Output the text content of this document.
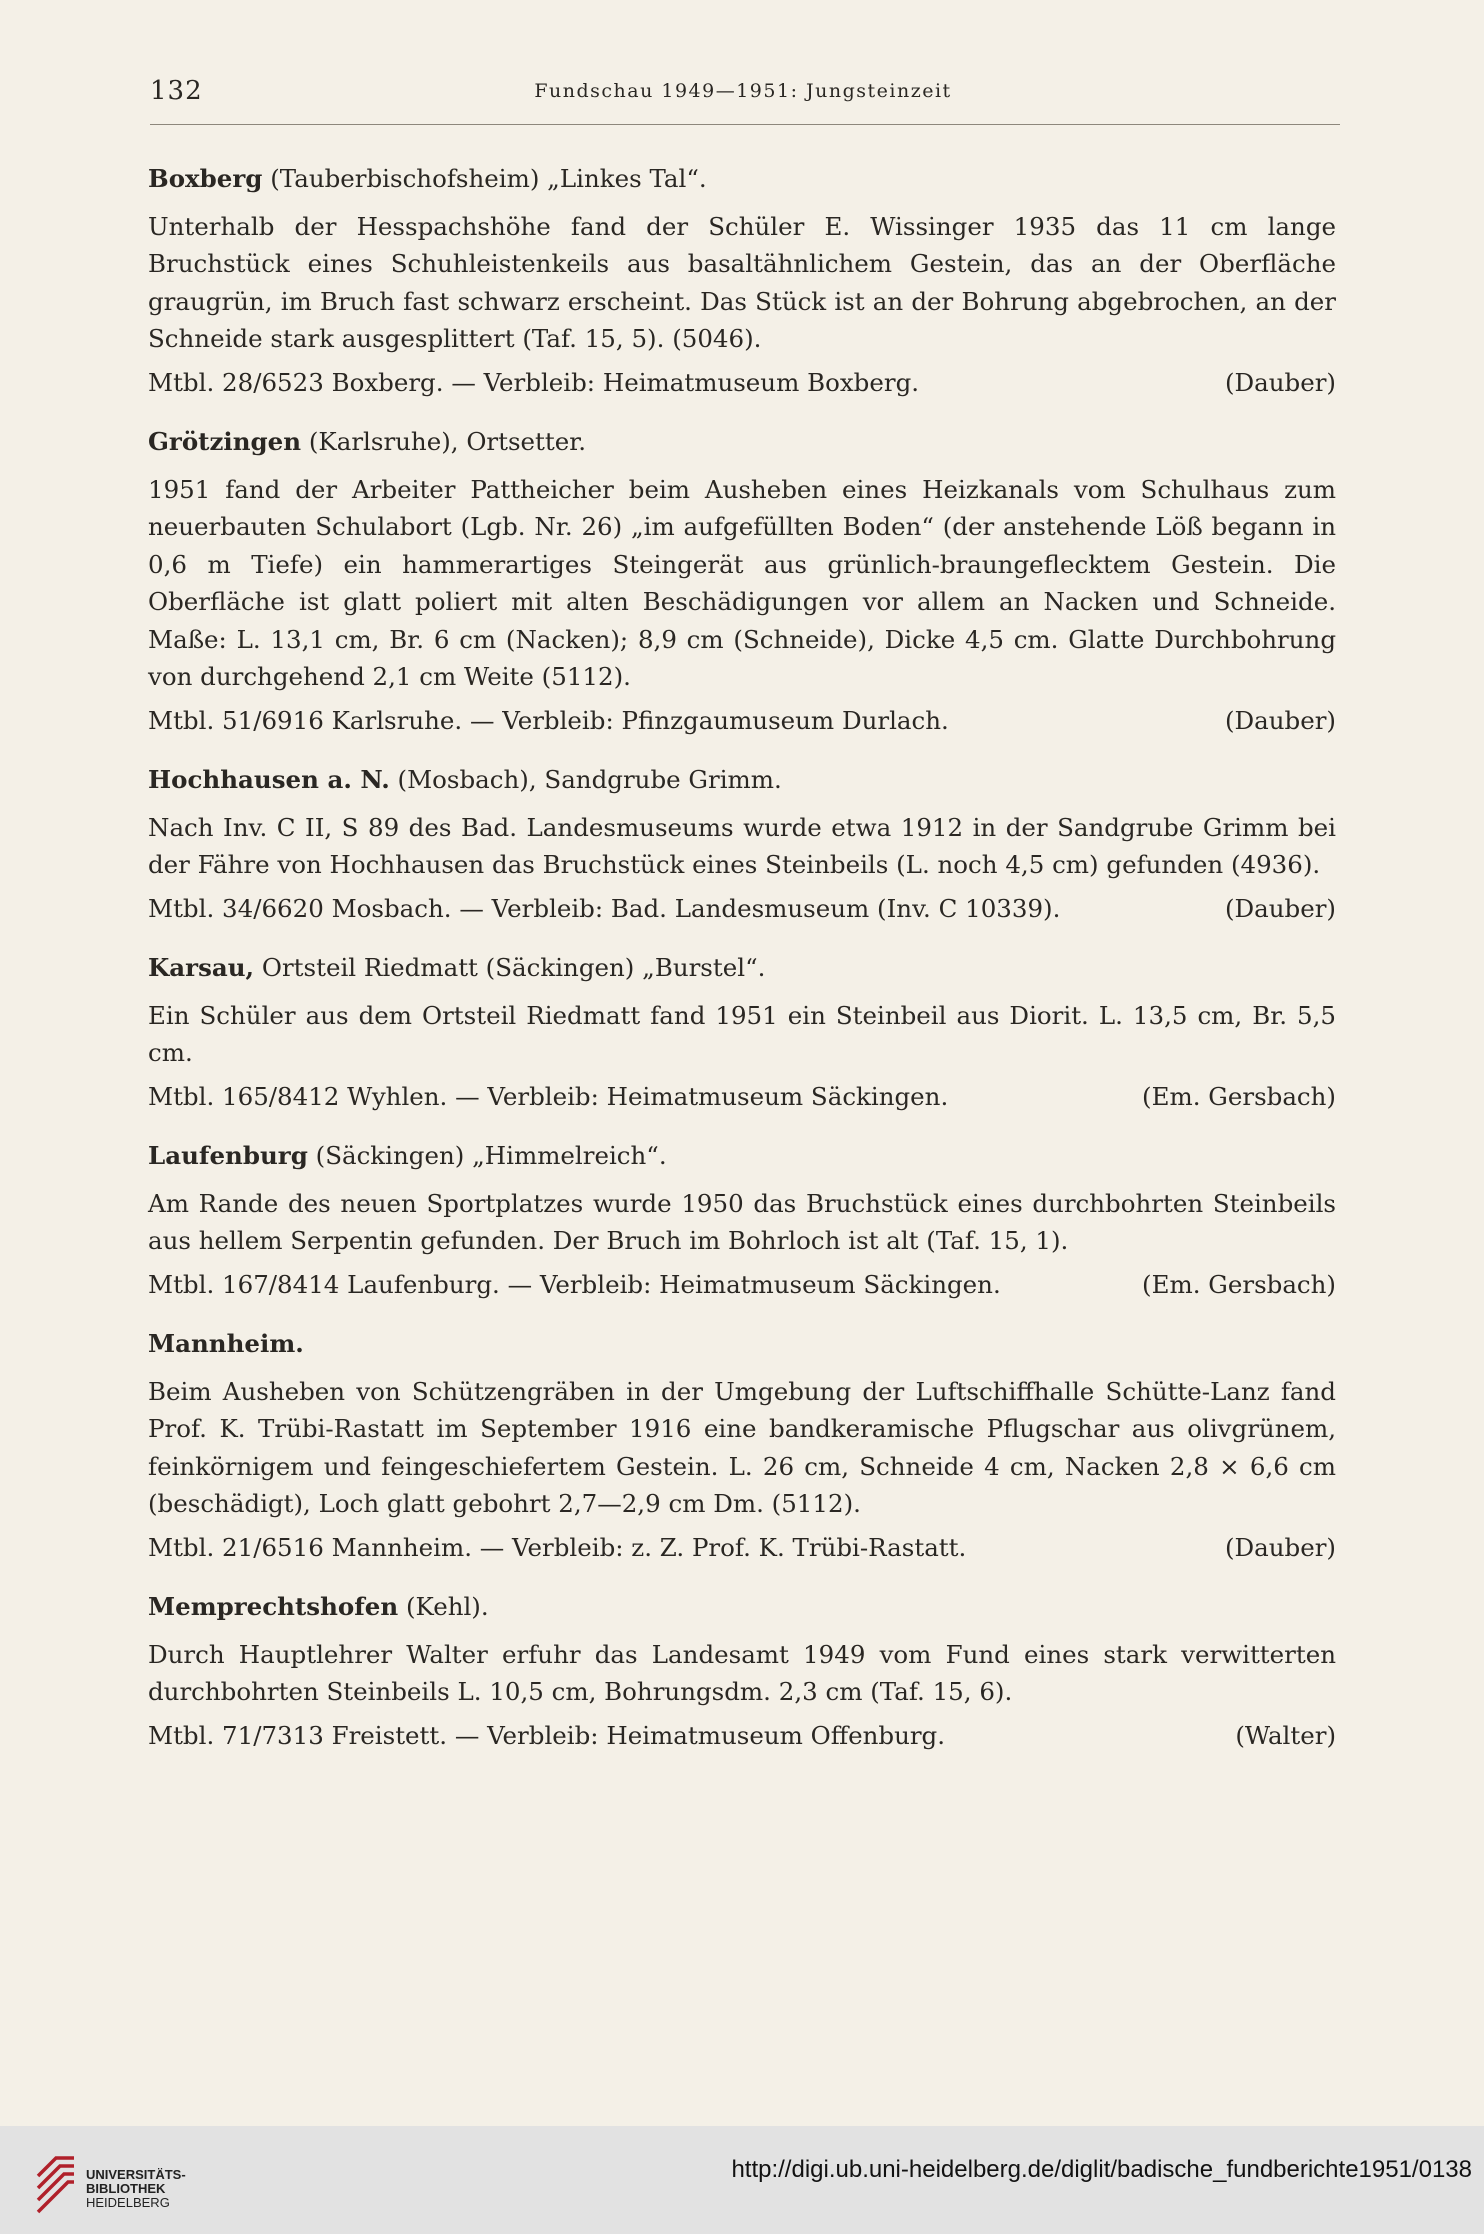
132	Fundschau 1949—1951: Jungsteinzeit

Boxberg (Tauberbischofsheim) „Linkes Tal“.

Unterhalb der Hesspachshöhe fand der Schüler E. Wissinger 1935 das 11 cm lange Bruchstück eines Schuhleistenkeils aus basaltähnlichem Gestein, das an der Oberfläche graugrün, im Bruch fast schwarz erscheint. Das Stück ist an der Bohrung abgebrochen, an der Schneide stark ausgesplittert (Taf. 15, 5). (5046).

Mtbl. 28/6523 Boxberg. — Verbleib: Heimatmuseum Boxberg.	(Dauber)

Grötzingen (Karlsruhe), Ortsetter.

1951 fand der Arbeiter Pattheicher beim Ausheben eines Heizkanals vom Schulhaus zum neuerbauten Schulabort (Lgb. Nr. 26) „im aufgefüllten Boden“ (der anstehende Löß begann in 0,6 m Tiefe) ein hammerartiges Steingerät aus grünlich-braungeflecktem Gestein. Die Oberfläche ist glatt poliert mit alten Beschädigungen vor allem an Nacken und Schneide. Maße: L. 13,1 cm, Br. 6 cm (Nacken); 8,9 cm (Schneide), Dicke 4,5 cm. Glatte Durchbohrung von durchgehend 2,1 cm Weite (5112).

Mtbl. 51/6916 Karlsruhe. — Verbleib: Pfinzgaumuseum Durlach.	(Dauber)

Hochhausen a. N. (Mosbach), Sandgrube Grimm.

Nach Inv. C II, S 89 des Bad. Landesmuseums wurde etwa 1912 in der Sandgrube Grimm bei der Fähre von Hochhausen das Bruchstück eines Steinbeils (L. noch 4,5 cm) gefunden (4936).

Mtbl. 34/6620 Mosbach. — Verbleib: Bad. Landesmuseum (Inv. C 10339).	(Dauber)

Karsau, Ortsteil Riedmatt (Säckingen) „Burstel“.

Ein Schüler aus dem Ortsteil Riedmatt fand 1951 ein Steinbeil aus Diorit. L. 13,5 cm, Br. 5,5 cm.

Mtbl. 165/8412 Wyhlen. — Verbleib: Heimatmuseum Säckingen.	(Em. Gersbach)

Laufenburg (Säckingen) „Himmelreich“.

Am Rande des neuen Sportplatzes wurde 1950 das Bruchstück eines durchbohrten Steinbeils aus hellem Serpentin gefunden. Der Bruch im Bohrloch ist alt (Taf. 15, 1).

Mtbl. 167/8414 Laufenburg. — Verbleib: Heimatmuseum Säckingen.	(Em. Gersbach)

Mannheim.

Beim Ausheben von Schützengräben in der Umgebung der Luftschiffhalle Schütte-Lanz fand Prof. K. Trübi-Rastatt im September 1916 eine bandkeramische Pflugschar aus olivgrünem, feinkörnigem und feingeschiefertem Gestein. L. 26 cm, Schneide 4 cm, Nacken 2,8 × 6,6 cm (beschädigt), Loch glatt gebohrt 2,7—2,9 cm Dm. (5112).

Mtbl. 21/6516 Mannheim. — Verbleib: z. Z. Prof. K. Trübi-Rastatt.	(Dauber)

Memprechtshofen (Kehl).

Durch Hauptlehrer Walter erfuhr das Landesamt 1949 vom Fund eines stark verwitterten durchbohrten Steinbeils L. 10,5 cm, Bohrungsdm. 2,3 cm (Taf. 15, 6).

Mtbl. 71/7313 Freistett. — Verbleib: Heimatmuseum Offenburg.	(Walter)
UNIVERSITÄTS-
BIBLIOTHEK
HEIDELBERG
http://digi.ub.uni-heidelberg.de/diglit/badische_fundberichte1951/0138
